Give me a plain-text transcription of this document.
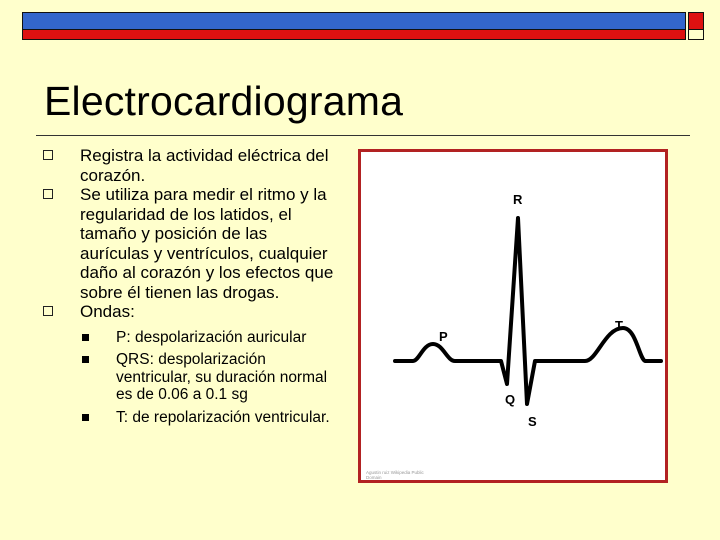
Electrocardiograma
Registra la actividad eléctrica del corazón.
Se utiliza para medir el ritmo y la regularidad de los latidos, el tamaño y posición de las aurículas y ventrículos, cualquier daño al corazón y los efectos que sobre él tienen las drogas.
Ondas:
P: despolarización auricular
QRS: despolarización ventricular, su duración normal es de 0.06 a 0.1 sg
T: de repolarización ventricular.
R
P
T
Q
S
Agustin ruiz Wikipedia Public Domain
